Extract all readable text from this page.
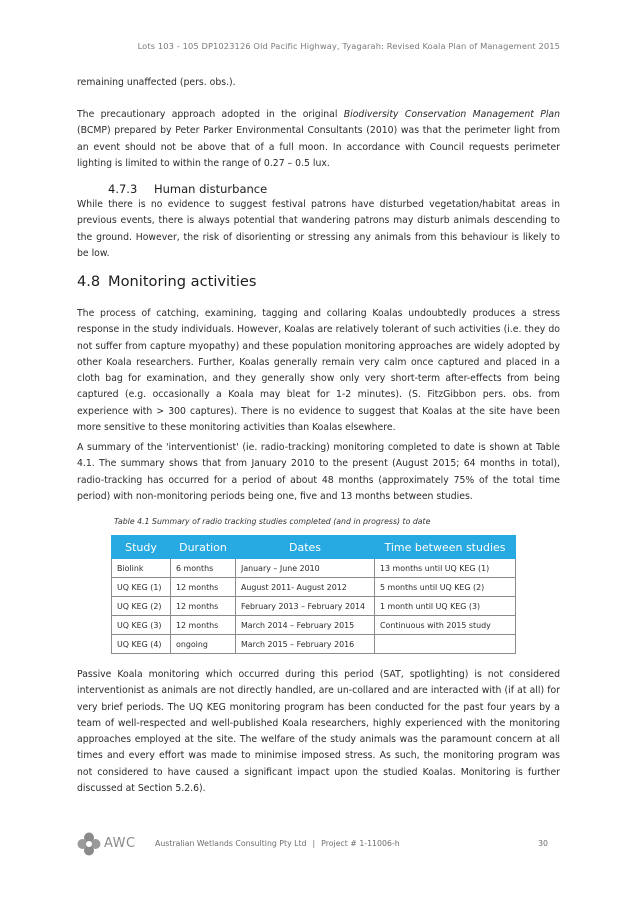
Lots 103 - 105 DP1023126 Old Pacific Highway, Tyagarah: Revised Koala Plan of Management 2015

remaining unaffected (pers. obs.).

The precautionary approach adopted in the original Biodiversity Conservation Management Plan (BCMP) prepared by Peter Parker Environmental Consultants (2010) was that the perimeter light from an event should not be above that of a full moon. In accordance with Council requests perimeter lighting is limited to within the range of 0.27 – 0.5 lux.

4.7.3 Human disturbance

While there is no evidence to suggest festival patrons have disturbed vegetation/habitat areas in previous events, there is always potential that wandering patrons may disturb animals descending to the ground. However, the risk of disorienting or stressing any animals from this behaviour is likely to be low.

4.8 Monitoring activities

The process of catching, examining, tagging and collaring Koalas undoubtedly produces a stress response in the study individuals. However, Koalas are relatively tolerant of such activities (i.e. they do not suffer from capture myopathy) and these population monitoring approaches are widely adopted by other Koala researchers. Further, Koalas generally remain very calm once captured and placed in a cloth bag for examination, and they generally show only very short-term after-effects from being captured (e.g. occasionally a Koala may bleat for 1-2 minutes). (S. FitzGibbon pers. obs. from experience with > 300 captures). There is no evidence to suggest that Koalas at the site have been more sensitive to these monitoring activities than Koalas elsewhere.

A summary of the 'interventionist' (ie. radio-tracking) monitoring completed to date is shown at Table 4.1. The summary shows that from January 2010 to the present (August 2015; 64 months in total), radio-tracking has occurred for a period of about 48 months (approximately 75% of the total time period) with non-monitoring periods being one, five and 13 months between studies.

Table 4.1 Summary of radio tracking studies completed (and in progress) to date
Study	Duration	Dates	Time between studies
Biolink	6 months	January – June 2010	13 months until UQ KEG (1)
UQ KEG (1)	12 months	August 2011- August 2012	5 months until UQ KEG (2)
UQ KEG (2)	12 months	February 2013 – February 2014	1 month until UQ KEG (3)
UQ KEG (3)	12 months	March 2014 – February 2015	Continuous with 2015 study
UQ KEG (4)	ongoing	March 2015 – February 2016	

Passive Koala monitoring which occurred during this period (SAT, spotlighting) is not considered interventionist as animals are not directly handled, are un-collared and are interacted with (if at all) for very brief periods. The UQ KEG monitoring program has been conducted for the past four years by a team of well-respected and well-published Koala researchers, highly experienced with the monitoring approaches employed at the site. The welfare of the study animals was the paramount concern at all times and every effort was made to minimise imposed stress. As such, the monitoring program was not considered to have caused a significant impact upon the studied Koalas. Monitoring is further discussed at Section 5.2.6).

AWC Australian Wetlands Consulting Pty Ltd | Project # 1-11006-h	30
